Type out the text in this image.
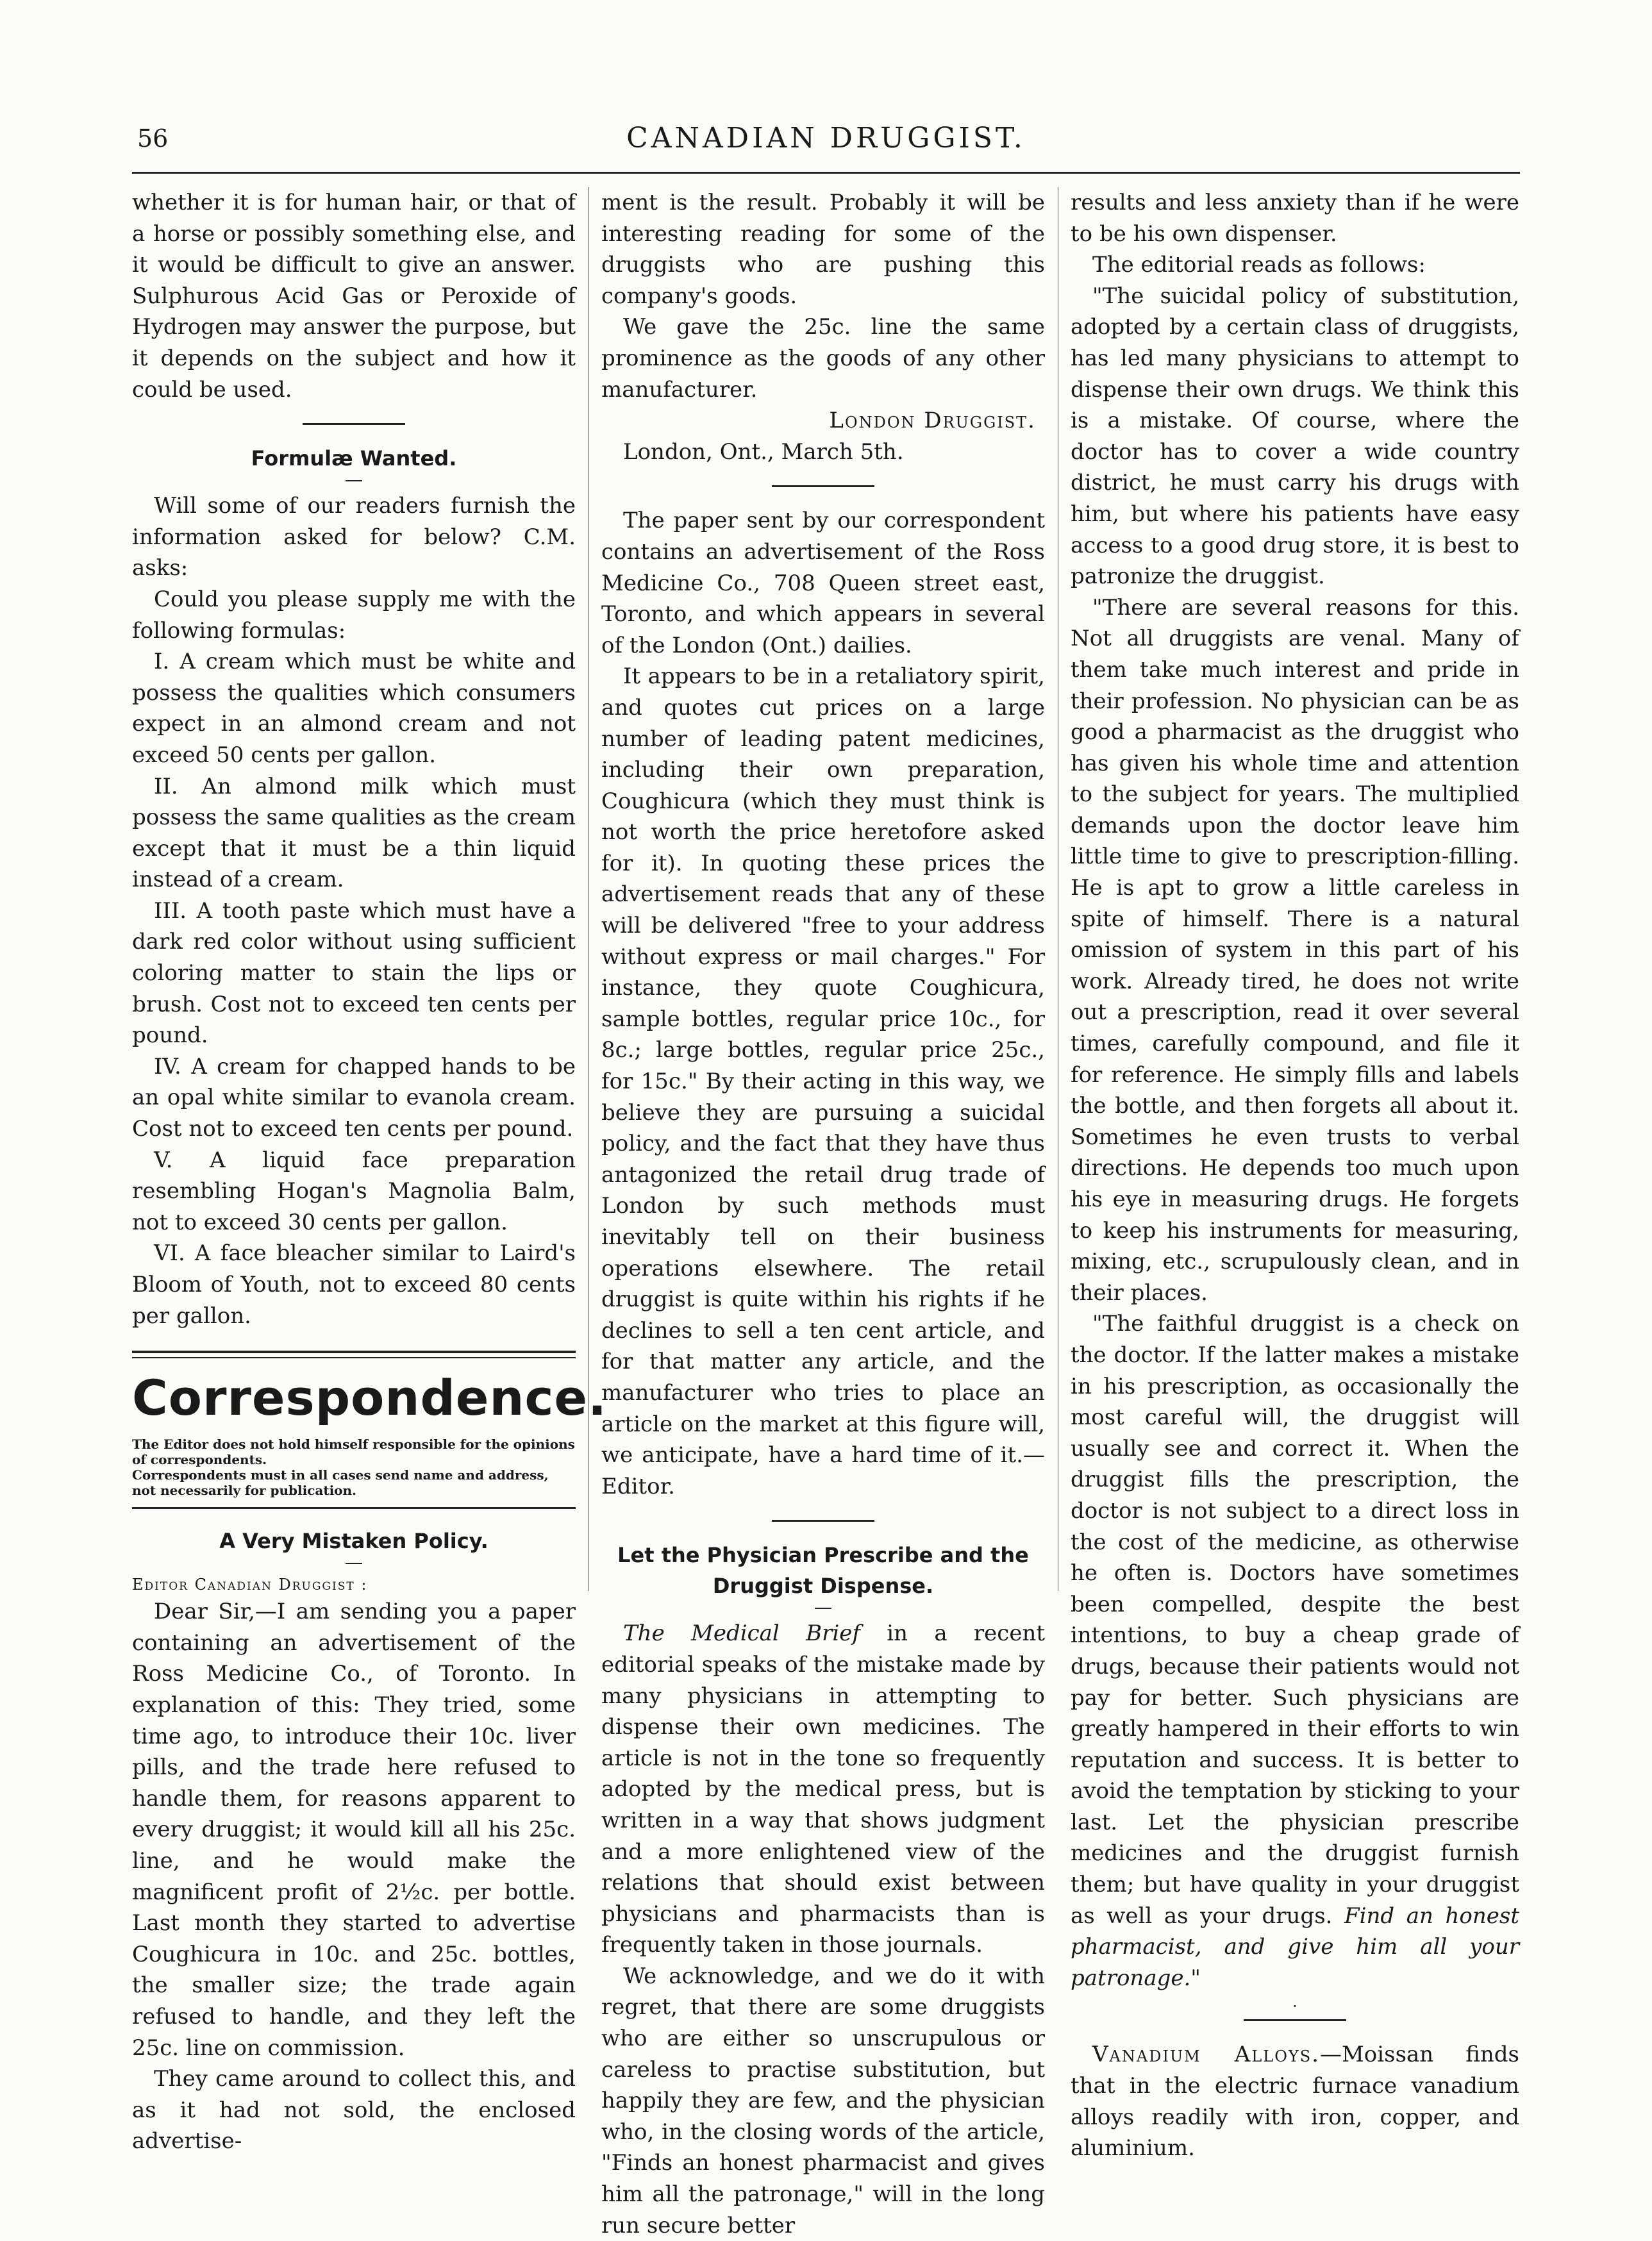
56	CANADIAN DRUGGIST.

whether it is for human hair, or that of a horse or possibly something else, and it would be difficult to give an answer. Sulphurous Acid Gas or Peroxide of Hydrogen may answer the purpose, but it depends on the subject and how it could be used.

Formulæ Wanted.

Will some of our readers furnish the information asked for below? C.M. asks:

Could you please supply me with the following formulas:

I. A cream which must be white and possess the qualities which consumers expect in an almond cream and not exceed 50 cents per gallon.

II. An almond milk which must possess the same qualities as the cream except that it must be a thin liquid instead of a cream.

III. A tooth paste which must have a dark red color without using sufficient coloring matter to stain the lips or brush. Cost not to exceed ten cents per pound.

IV. A cream for chapped hands to be an opal white similar to evanola cream. Cost not to exceed ten cents per pound.

V. A liquid face preparation resembling Hogan's Magnolia Balm, not to exceed 30 cents per gallon.

VI. A face bleacher similar to Laird's Bloom of Youth, not to exceed 80 cents per gallon.

Correspondence.
The Editor does not hold himself responsible for the opinions of correspondents.
Correspondents must in all cases send name and address, not necessarily for publication.
A Very Mistaken Policy.
Editor Canadian Druggist :

Dear Sir,—I am sending you a paper containing an advertisement of the Ross Medicine Co., of Toronto. In explanation of this: They tried, some time ago, to introduce their 10c. liver pills, and the trade here refused to handle them, for reasons apparent to every druggist; it would kill all his 25c. line, and he would make the magnificent profit of 2½c. per bottle. Last month they started to advertise Coughicura in 10c. and 25c. bottles, the smaller size; the trade again refused to handle, and they left the 25c. line on commission.

They came around to collect this, and as it had not sold, the enclosed advertise-

ment is the result. Probably it will be interesting reading for some of the druggists who are pushing this company's goods.

We gave the 25c. line the same prominence as the goods of any other manufacturer.

London Druggist.

London, Ont., March 5th.

The paper sent by our correspondent contains an advertisement of the Ross Medicine Co., 708 Queen street east, Toronto, and which appears in several of the London (Ont.) dailies.

It appears to be in a retaliatory spirit, and quotes cut prices on a large number of leading patent medicines, including their own preparation, Coughicura (which they must think is not worth the price heretofore asked for it). In quoting these prices the advertisement reads that any of these will be delivered "free to your address without express or mail charges." For instance, they quote Coughicura, sample bottles, regular price 10c., for 8c.; large bottles, regular price 25c., for 15c." By their acting in this way, we believe they are pursuing a suicidal policy, and the fact that they have thus antagonized the retail drug trade of London by such methods must inevitably tell on their business operations elsewhere. The retail druggist is quite within his rights if he declines to sell a ten cent article, and for that matter any article, and the manufacturer who tries to place an article on the market at this figure will, we anticipate, have a hard time of it.—Editor.

Let the Physician Prescribe and the Druggist Dispense.

The Medical Brief in a recent editorial speaks of the mistake made by many physicians in attempting to dispense their own medicines. The article is not in the tone so frequently adopted by the medical press, but is written in a way that shows judgment and a more enlightened view of the relations that should exist between physicians and pharmacists than is frequently taken in those journals.

We acknowledge, and we do it with regret, that there are some druggists who are either so unscrupulous or careless to practise substitution, but happily they are few, and the physician who, in the closing words of the article, "Finds an honest pharmacist and gives him all the patronage," will in the long run secure better

results and less anxiety than if he were to be his own dispenser.

The editorial reads as follows:

"The suicidal policy of substitution, adopted by a certain class of druggists, has led many physicians to attempt to dispense their own drugs. We think this is a mistake. Of course, where the doctor has to cover a wide country district, he must carry his drugs with him, but where his patients have easy access to a good drug store, it is best to patronize the druggist.

"There are several reasons for this. Not all druggists are venal. Many of them take much interest and pride in their profession. No physician can be as good a pharmacist as the druggist who has given his whole time and attention to the subject for years. The multiplied demands upon the doctor leave him little time to give to prescription-filling. He is apt to grow a little careless in spite of himself. There is a natural omission of system in this part of his work. Already tired, he does not write out a prescription, read it over several times, carefully compound, and file it for reference. He simply fills and labels the bottle, and then forgets all about it. Sometimes he even trusts to verbal directions. He depends too much upon his eye in measuring drugs. He forgets to keep his instruments for measuring, mixing, etc., scrupulously clean, and in their places.

"The faithful druggist is a check on the doctor. If the latter makes a mistake in his prescription, as occasionally the most careful will, the druggist will usually see and correct it. When the druggist fills the prescription, the doctor is not subject to a direct loss in the cost of the medicine, as otherwise he often is. Doctors have sometimes been compelled, despite the best intentions, to buy a cheap grade of drugs, because their patients would not pay for better. Such physicians are greatly hampered in their efforts to win reputation and success. It is better to avoid the temptation by sticking to your last. Let the physician prescribe medicines and the druggist furnish them; but have quality in your druggist as well as your drugs. Find an honest pharmacist, and give him all your patronage."

·

Vanadium Alloys.—Moissan finds that in the electric furnace vanadium alloys readily with iron, copper, and aluminium.
